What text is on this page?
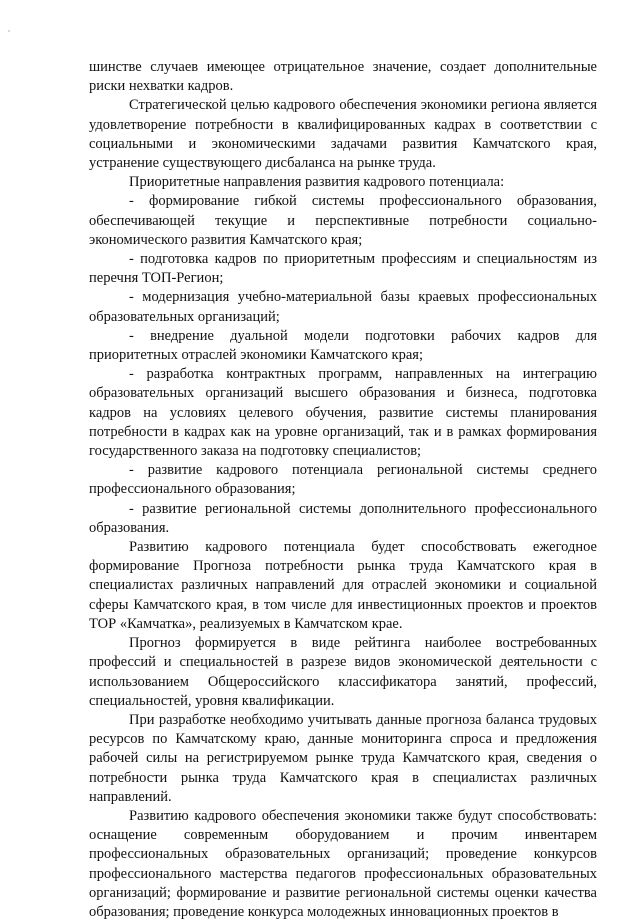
шинстве случаев имеющее отрицательное значение, создает дополнительные риски нехватки кадров.

Стратегической целью кадрового обеспечения экономики региона является удовлетворение потребности в квалифицированных кадрах в соответствии с социальными и экономическими задачами развития Камчатского края, устранение существующего дисбаланса на рынке труда.

Приоритетные направления развития кадрового потенциала:

- формирование гибкой системы профессионального образования, обеспечивающей текущие и перспективные потребности социально-экономического развития Камчатского края;

- подготовка кадров по приоритетным профессиям и специальностям из перечня ТОП-Регион;

- модернизация учебно-материальной базы краевых профессиональных образовательных организаций;

- внедрение дуальной модели подготовки рабочих кадров для приоритетных отраслей экономики Камчатского края;

- разработка контрактных программ, направленных на интеграцию образовательных организаций высшего образования и бизнеса, подготовка кадров на условиях целевого обучения, развитие системы планирования потребности в кадрах как на уровне организаций, так и в рамках формирования государственного заказа на подготовку специалистов;

- развитие кадрового потенциала региональной системы среднего профессионального образования;

- развитие региональной системы дополнительного профессионального образования.

Развитию кадрового потенциала будет способствовать ежегодное формирование Прогноза потребности рынка труда Камчатского края в специалистах различных направлений для отраслей экономики и социальной сферы Камчатского края, в том числе для инвестиционных проектов и проектов ТОР «Камчатка», реализуемых в Камчатском крае.

Прогноз формируется в виде рейтинга наиболее востребованных профессий и специальностей в разрезе видов экономической деятельности с использованием Общероссийского классификатора занятий, профессий, специальностей, уровня квалификации.

При разработке необходимо учитывать данные прогноза баланса трудовых ресурсов по Камчатскому краю, данные мониторинга спроса и предложения рабочей силы на регистрируемом рынке труда Камчатского края, сведения о потребности рынка труда Камчатского края в специалистах различных направлений.

Развитию кадрового обеспечения экономики также будут способствовать: оснащение современным оборудованием и прочим инвентарем профессиональных образовательных организаций; проведение конкурсов профессионального мастерства педагогов профессиональных образовательных организаций; формирование и развитие региональной системы оценки качества образования; проведение конкурса молодежных инновационных проектов в
